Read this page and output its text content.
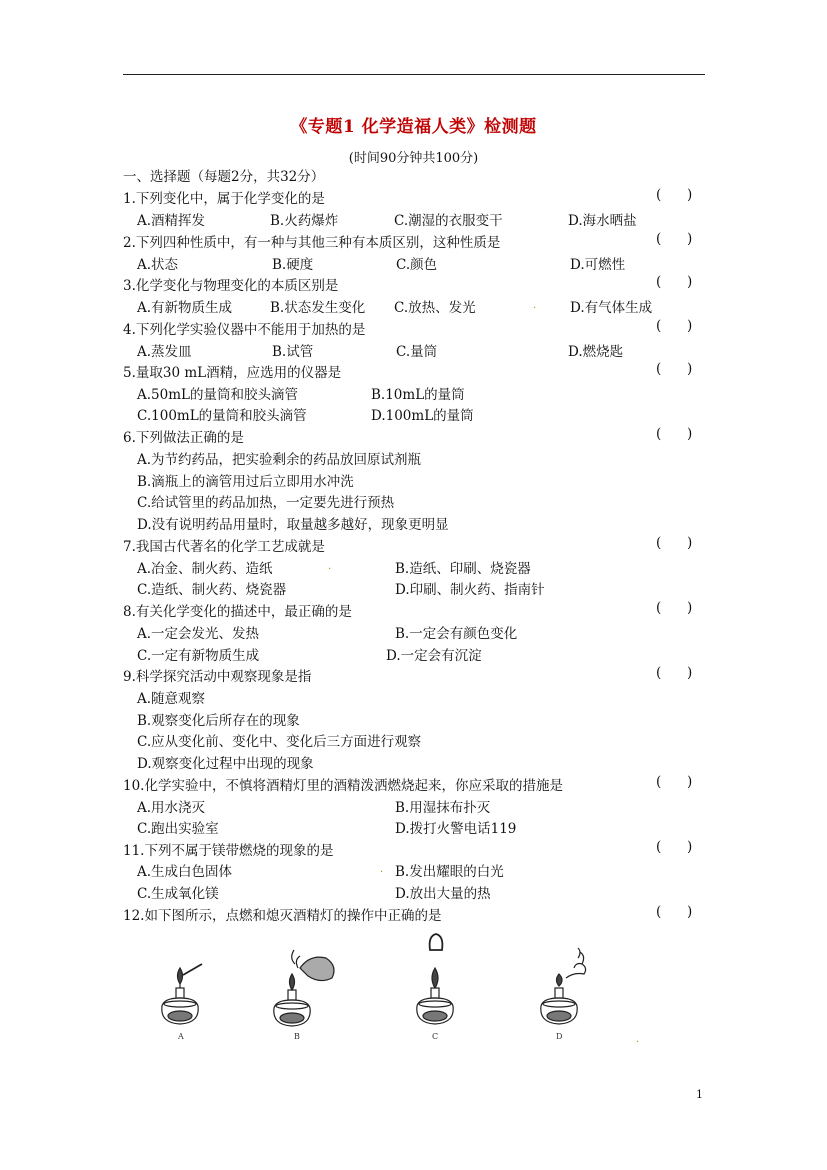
《专题1 化学造福人类》检测题
(时间90分钟共100分)
一、选择题（每题2分，共32分）
1.下列变化中，属于化学变化的是	(      )
A.酒精挥发	B.火药爆炸	C.潮湿的衣服变干	D.海水晒盐
2.下列四种性质中，有一种与其他三种有本质区别，这种性质是	(      )
A.状态	B.硬度	C.颜色	D.可燃性
3.化学变化与物理变化的本质区别是	(      )
A.有新物质生成	B.状态发生变化 C.放热、发光	D.有气体生成
4.下列化学实验仪器中不能用于加热的是	(      )
A.蒸发皿	B.试管	C.量筒	D.燃烧匙
5.量取30 mL酒精，应选用的仪器是	(      )
A.50mL的量筒和胶头滴管	B.10mL的量筒
C.100mL的量筒和胶头滴管	D.100mL的量筒
6.下列做法正确的是	(      )
A.为节约药品，把实验剩余的药品放回原试剂瓶
B.滴瓶上的滴管用过后立即用水冲洗
C.给试管里的药品加热，一定要先进行预热
D.没有说明药品用量时，取量越多越好，现象更明显
7.我国古代著名的化学工艺成就是	(      )
A.冶金、制火药、造纸	B.造纸、印刷、烧瓷器
C.造纸、制火药、烧瓷器	D.印刷、制火药、指南针
8.有关化学变化的描述中，最正确的是	(      )
A.一定会发光、发热	B.一定会有颜色变化
C.一定有新物质生成	D.一定会有沉淀
9.科学探究活动中观察现象是指	(      )
A.随意观察
B.观察变化后所存在的现象
C.应从变化前、变化中、变化后三方面进行观察
D.观察变化过程中出现的现象
10.化学实验中，不慎将酒精灯里的酒精泼洒燃烧起来，你应采取的措施是	(      )
A.用水浇灭	B.用湿抹布扑灭
C.跑出实验室	D.拨打火警电话119
11.下列不属于镁带燃烧的现象的是	(      )
A.生成白色固体	B.发出耀眼的白光
C.生成氧化镁	D.放出大量的热
12.如下图所示，点燃和熄灭酒精灯的操作中正确的是	(      )
.
.
.
.
A	B	C	D
1
